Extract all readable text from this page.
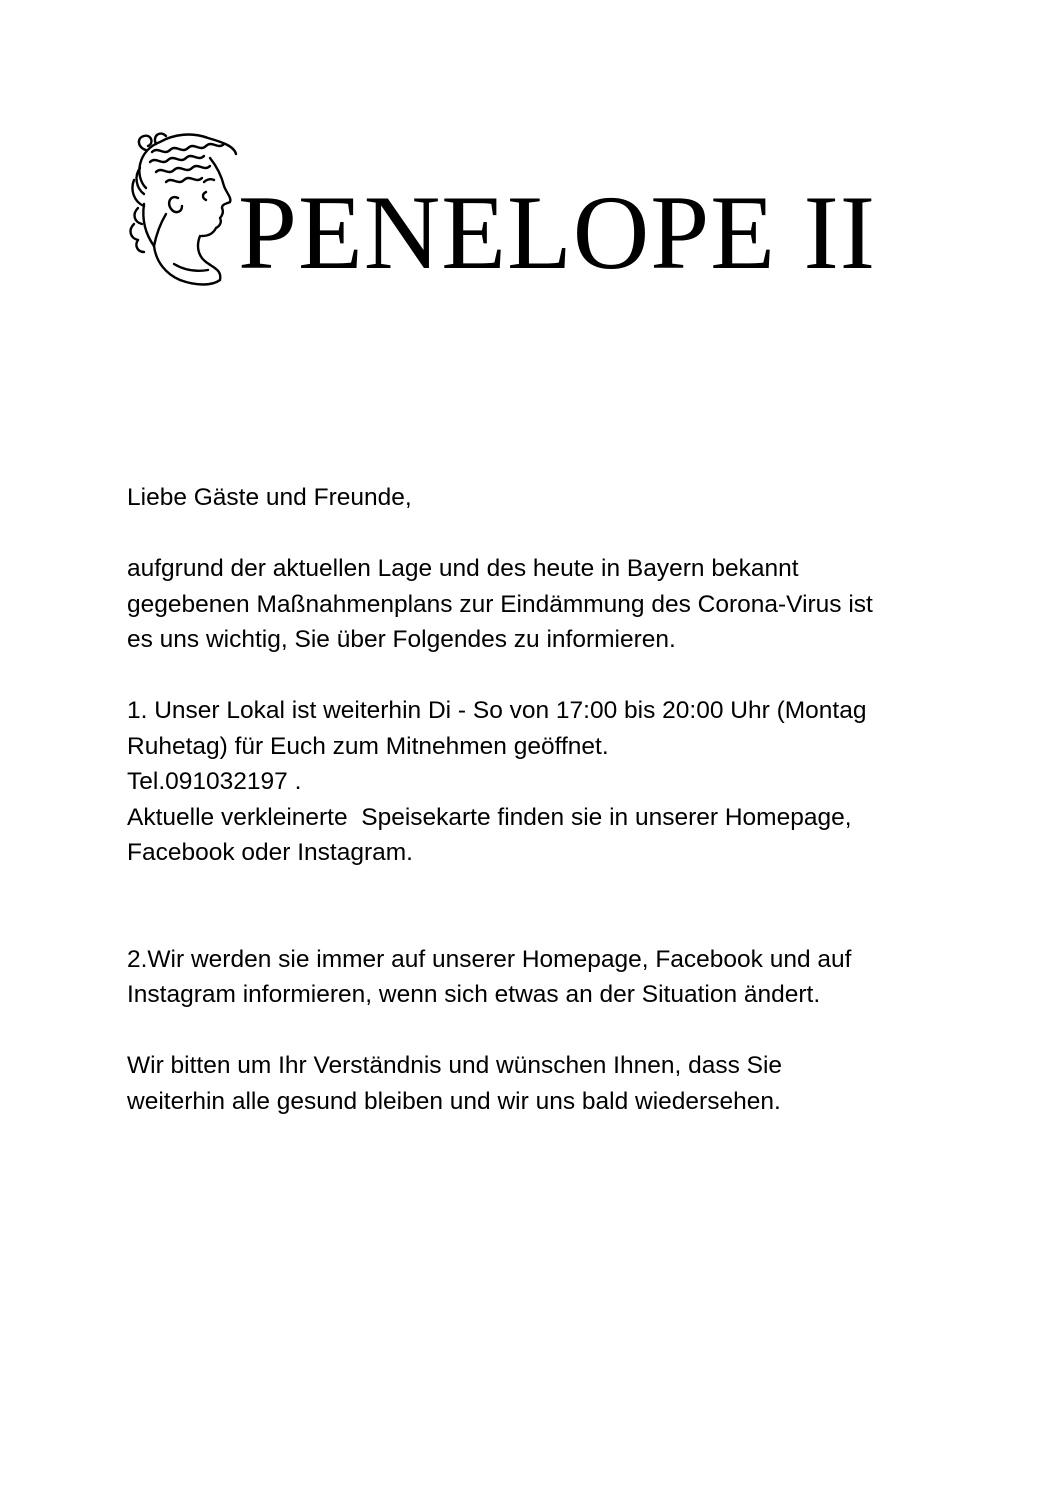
PENELOPE II
Liebe Gäste und Freunde,
aufgrund der aktuellen Lage und des heute in Bayern bekannt
gegebenen Maßnahmenplans zur Eindämmung des Corona-Virus ist
es uns wichtig, Sie über Folgendes zu informieren.
1. Unser Lokal ist weiterhin Di - So von 17:00 bis 20:00 Uhr (Montag
Ruhetag) für Euch zum Mitnehmen geöffnet.
Tel.091032197 .
Aktuelle verkleinerte  Speisekarte finden sie in unserer Homepage,
Facebook oder Instagram.
2.Wir werden sie immer auf unserer Homepage, Facebook und auf
Instagram informieren, wenn sich etwas an der Situation ändert.
Wir bitten um Ihr Verständnis und wünschen Ihnen, dass Sie
weiterhin alle gesund bleiben und wir uns bald wiedersehen.
